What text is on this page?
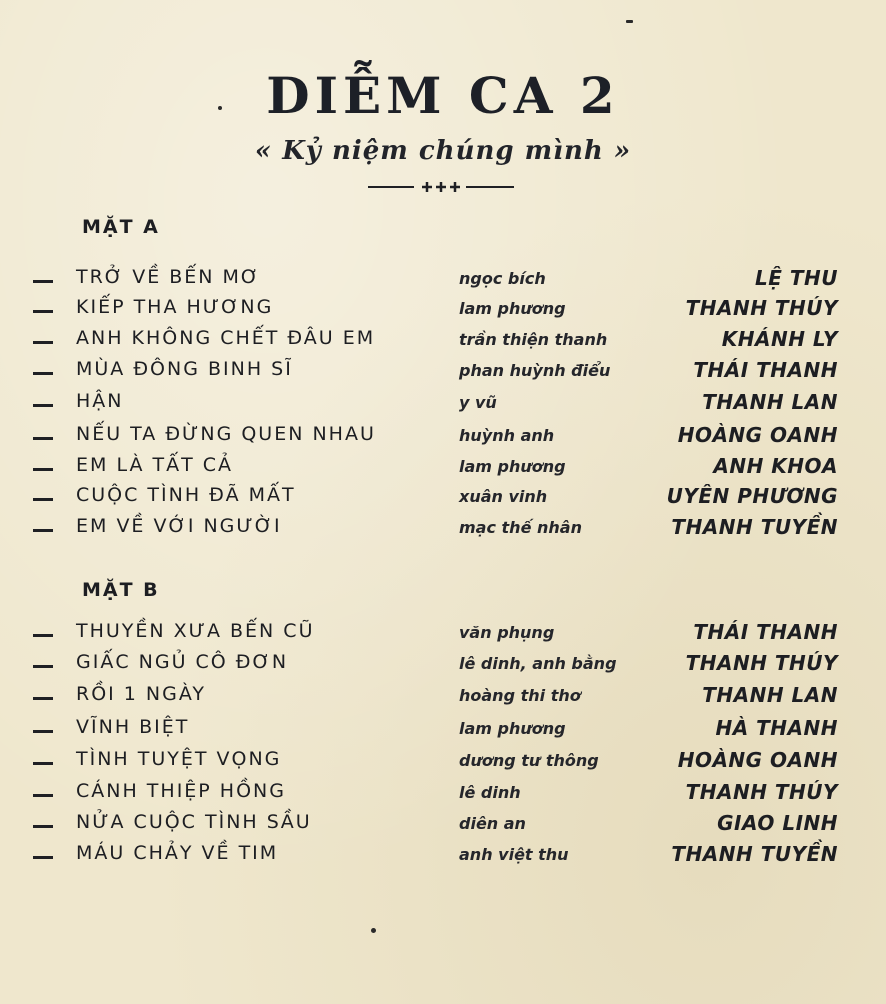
DIỄM CA 2
« Kỷ niệm chúng mình »
MẶT A
TRỞ VỀ BẾN MƠ	ngọc bích	LỆ THU
KIẾP THA HƯƠNG	lam phương	THANH THÚY
ANH KHÔNG CHẾT ĐÂU EM	trần thiện thanh	KHÁNH LY
MÙA ĐÔNG BINH SĨ	phan huỳnh điểu	THÁI THANH
HẬN	y vũ	THANH LAN
NẾU TA ĐỪNG QUEN NHAU	huỳnh anh	HOÀNG OANH
EM LÀ TẤT CẢ	lam phương	ANH KHOA
CUỘC TÌNH ĐÃ MẤT	xuân vinh	UYÊN PHƯƠNG
EM VỀ VỚI NGƯỜI	mạc thế nhân	THANH TUYỀN
MẶT B
THUYỀN XƯA BẾN CŨ	văn phụng	THÁI THANH
GIẤC NGỦ CÔ ĐƠN	lê dinh, anh bằng	THANH THÚY
RỒI 1 NGÀY	hoàng thi thơ	THANH LAN
VĨNH BIỆT	lam phương	HÀ THANH
TÌNH TUYỆT VỌNG	dương tư thông	HOÀNG OANH
CÁNH THIỆP HỒNG	lê dinh	THANH THÚY
NỬA CUỘC TÌNH SẦU	diên an	GIAO LINH
MÁU CHẢY VỀ TIM	anh việt thu	THANH TUYỀN
